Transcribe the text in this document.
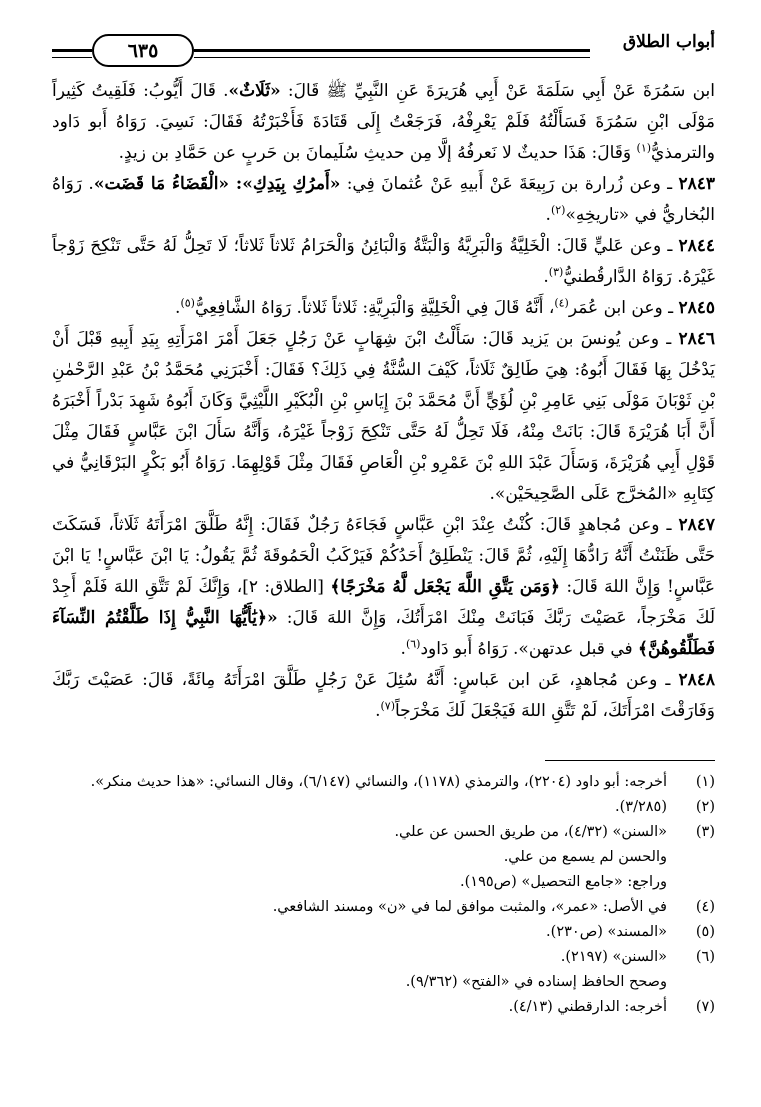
أبواب الطلاق
٦٣٥

ابن سَمُرَةَ عَنْ أَبِي سَلَمَةَ عَنْ أَبِي هُرَيرَةَ عَنِ النَّبِيِّ ﷺ قَالَ: «ثَلَاثٌ». قَالَ أَيُّوبُ: فَلَقِيتُ كَثِيراً مَوْلَى ابْنِ سَمُرَةَ فَسَأَلْتُهُ فَلَمْ يَعْرِفْهُ، فَرَجَعْتُ إِلَى قَتَادَةَ فَأَخْبَرْتُهُ فَقَالَ: نَسِيَ. رَوَاهُ أَبو دَاود والترمذيُّ$^{(١)}$ وَقَالَ: هَذَا حديثٌ لا نَعرفُهُ إلَّا مِن حديثِ سُلَيمانَ بن حَربٍ عن حَمَّادِ بن زيدٍ.

٢٨٤٣ ـ وعن زُرارة بن رَبِيعَةَ عَنْ أَبيهِ عَنْ عُثمانَ فِي: «أَمرُكِ بِيَدِكِ»: «الْقَضَاءُ مَا قَضَت». رَوَاهُ البُخاريُّ في «تاريخِهِ»$^{(٢)}$.

٢٨٤٤ ـ وعن عَليٍّ قَالَ: الْخَلِيَّةُ وَالْبَرِيَّةُ وَالْبَتَّةُ وَالْبَائِنُ وَالْحَرَامُ ثَلاثاً ثَلاثاً؛ لَا تَحِلُّ لَهُ حَتَّى تَنْكِحَ زَوْجاً غَيْرَهُ. رَوَاهُ الدَّارقُطنيُّ$^{(٣)}$.

٢٨٤٥ ـ وعن ابن عُمَر$^{(٤)}$، أَنَّهُ قَالَ فِي الْخَلِيَّةِ وَالْبَرِيَّةِ: ثَلاثاً ثَلاثاً. رَوَاهُ الشَّافِعِيُّ$^{(٥)}$.

٢٨٤٦ ـ وعن يُونسَ بن يَزيد قَالَ: سَأَلْتُ ابْنَ شِهَابٍ عَنْ رَجُلٍ جَعَلَ أَمْرَ امْرَأَتِهِ بِيَدِ أَبِيهِ قَبْلَ أَنْ يَدْخُلَ بِهَا فَقَالَ أَبُوهُ: هِيَ طَالِقٌ ثَلَاثاً، كَيْفَ السُّنَّةُ فِي ذَلِكَ؟ فَقَالَ: أَخْبَرَنِي مُحَمَّدُ بْنُ عَبْدِ الرَّحْمٰنِ بْنِ ثَوْبَانَ مَوْلَى بَنِي عَامِرِ بْنِ لُؤَيٍّ أَنَّ مُحَمَّدَ بْنَ إِيَاسِ بْنِ الْبُكَيْرِ اللَّيْثِيَّ وَكَانَ أَبُوهُ شَهِدَ بَدْراً أَخْبَرَهُ أَنَّ أَبَا هُرَيْرَةَ قَالَ: بَانَتْ مِنْهُ، فَلَا تَحِلُّ لَهُ حَتَّى تَنْكِحَ زَوْجاً غَيْرَهُ، وَأَنَّهُ سَأَلَ ابْنَ عَبَّاسٍ فَقَالَ مِثْلَ قَوْلِ أَبِي هُرَيْرَةَ، وَسَأَلَ عَبْدَ اللهِ بْنَ عَمْرِو بْنِ الْعَاصِ فَقَالَ مِثْلَ قَوْلِهِمَا. رَوَاهُ أَبُو بَكْرٍ البَرْقَانِيُّ في كِتَابِهِ «المُخرَّج عَلَى الصَّحِيحَيْن».

٢٨٤٧ ـ وعن مُجاهدٍ قَالَ: كُنْتُ عِنْدَ ابْنِ عَبَّاسٍ فَجَاءَهُ رَجُلٌ فَقَالَ: إِنَّهُ طَلَّقَ امْرَأَتَهُ ثَلَاثاً، فَسَكَتَ حَتَّى ظَنَنْتُ أَنَّهُ رَادُّهَا إِلَيْهِ، ثُمَّ قَالَ: يَنْطَلِقُ أَحَدُكُمْ فَيَرْكَبُ الْحَمُوقَةَ ثُمَّ يَقُولُ: يَا ابْنَ عَبَّاسٍ! يَا ابْنَ عَبَّاسٍ! وَإِنَّ اللهَ قَالَ: ﴿وَمَن يَتَّقِ اللَّهَ يَجْعَل لَّهُ مَخْرَجًا﴾ [الطلاق: ٢]، وَإِنَّكَ لَمْ تَتَّقِ اللهَ فَلَمْ أَجِدْ لَكَ مَخْرَجاً، عَصَيْتَ رَبَّكَ فَبَانَتْ مِنْكَ امْرَأَتُكَ، وَإِنَّ اللهَ قَالَ: «﴿يَٰأَيُّهَا النَّبِيُّ إِذَا طَلَّقْتُمُ النِّسَآءَ فَطَلِّقُوهُنَّ﴾ في قبل عدتهن». رَوَاهُ أَبو دَاود$^{(٦)}$.

٢٨٤٨ ـ وعن مُجاهدٍ، عَن ابن عَباسٍ: أَنَّهُ سُئِلَ عَنْ رَجُلٍ طَلَّقَ امْرَأَتَهُ مِائَةً، قَالَ: عَصَيْتَ رَبَّكَ وَفَارَقْتَ امْرَأَتَكَ، لَمْ تَتَّقِ اللهَ فَيَجْعَلَ لَكَ مَخْرَجاً$^{(٧)}$.

(١)
أخرجه: أبو داود (٢٢٠٤)، والترمذي (١١٧٨)، والنسائي (٦/١٤٧)، وقال النسائي: «هذا حديث منكر».
(٢)
(٣/٢٨٥).
(٣)
«السنن» (٤/٣٢)، من طريق الحسن عن علي.
والحسن لم يسمع من علي.
وراجع: «جامع التحصيل» (ص١٩٥).
(٤)
في الأصل: «عمر»، والمثبت موافق لما في «ن» ومسند الشافعي.
(٥)
«المسند» (ص٢٣٠).
(٦)
«السنن» (٢١٩٧).
وصحح الحافظ إسناده في «الفتح» (٩/٣٦٢).
(٧)
أخرجه: الدارقطني (٤/١٣).
